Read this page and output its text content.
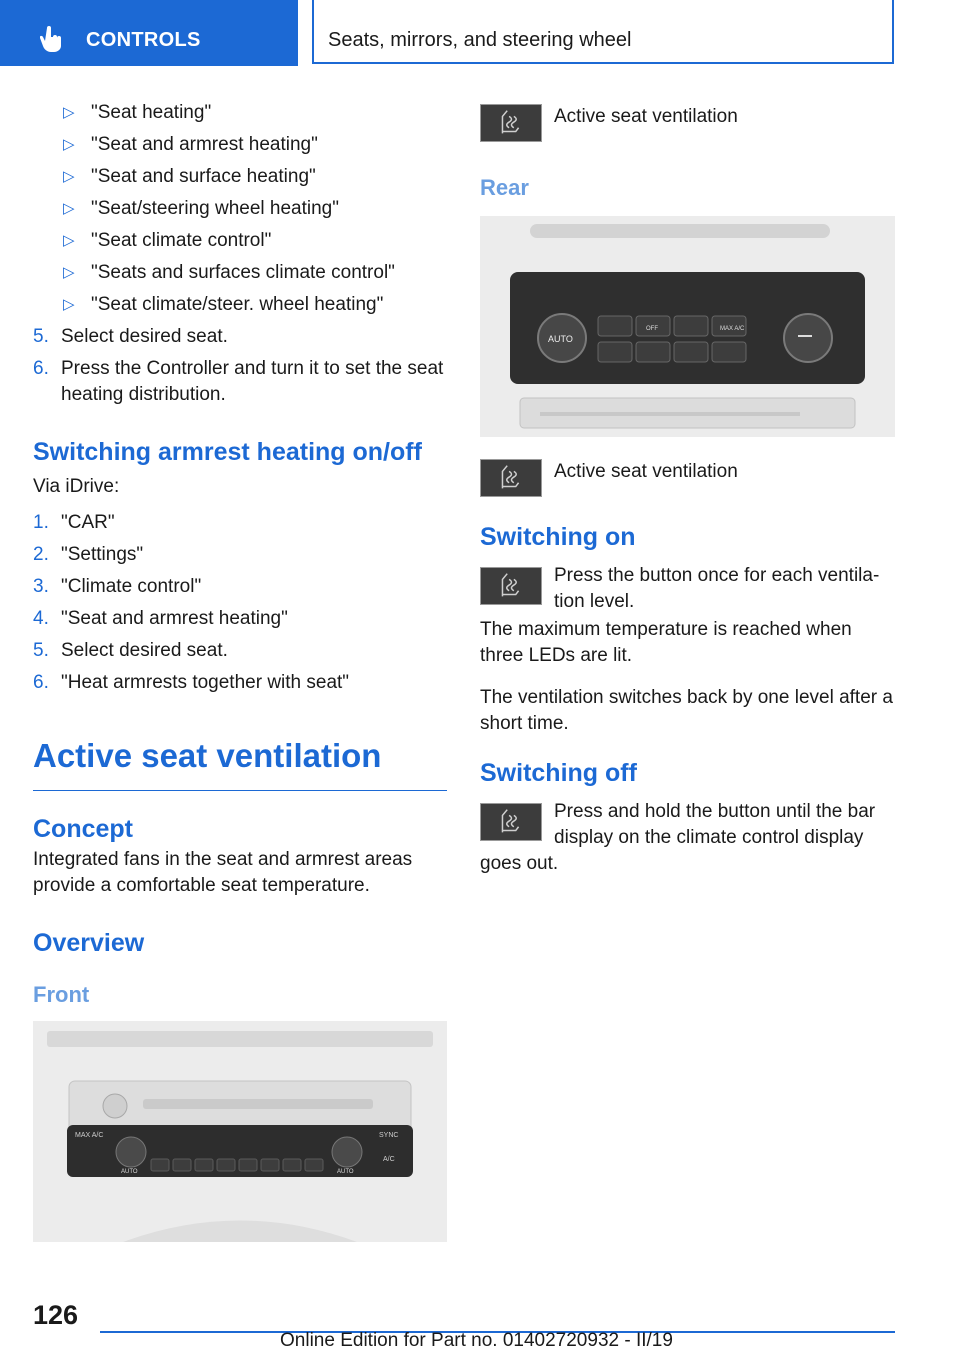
CONTROLS	Seats, mirrors, and steering wheel
▷ "Seat heating"
▷ "Seat and armrest heating"
▷ "Seat and surface heating"
▷ "Seat/steering wheel heating"
▷ "Seat climate control"
▷ "Seats and surfaces climate control"
▷ "Seat climate/steer. wheel heating"
5. Select desired seat.
6. Press the Controller and turn it to set the seat heating distribution.
Switching armrest heating on/off

Via iDrive:

1. "CAR"
2. "Settings"
3. "Climate control"
4. "Seat and armrest heating"
5. Select desired seat.
6. "Heat armrests together with seat"
Active seat ventilation
Concept

Integrated fans in the seat and armrest areas provide a comfortable seat temperature.

Overview
Front
MAX A/C	SYNC
AUTO	AUTO
A/C
Active seat ventilation
Rear
AUTO
OFF	MAX A/C
Active seat ventilation
Switching on
Press the button once for each ventila-
tion level.

The maximum temperature is reached when three LEDs are lit.

The ventilation switches back by one level after a short time.

Switching off

Press and hold the button until the bar display on the climate control display goes out.

126
Online Edition for Part no. 01402720932 - II/19
